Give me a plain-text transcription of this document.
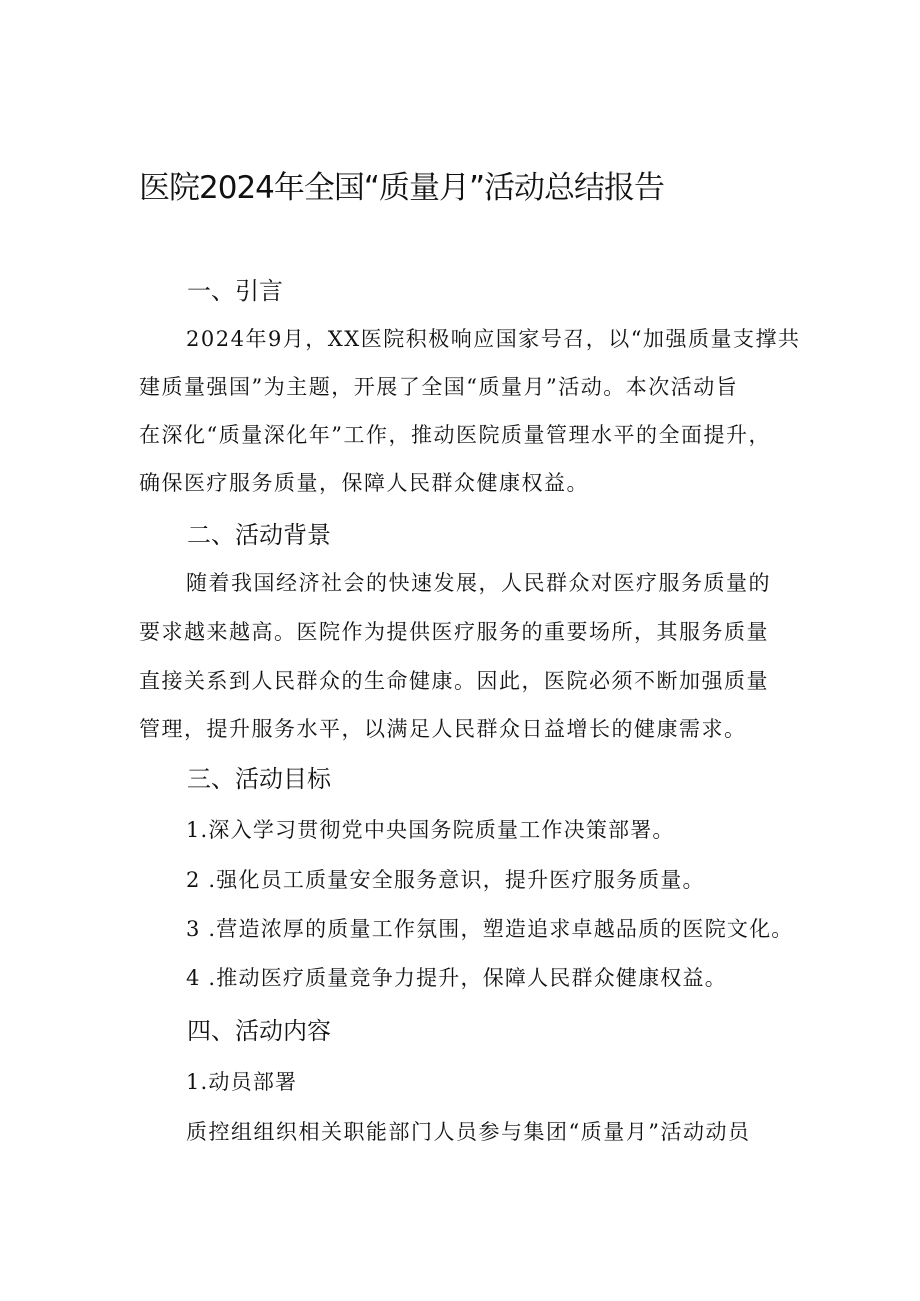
医院2024年全国“质量月”活动总结报告
一、引言

2024年9月，XX医院积极响应国家号召，以“加强质量支撑共

建质量强国”为主题，开展了全国“质量月”活动。本次活动旨

在深化“质量深化年”工作，推动医院质量管理水平的全面提升，

确保医疗服务质量，保障人民群众健康权益。

二、活动背景

随着我国经济社会的快速发展，人民群众对医疗服务质量的

要求越来越高。医院作为提供医疗服务的重要场所，其服务质量

直接关系到人民群众的生命健康。因此，医院必须不断加强质量

管理，提升服务水平，以满足人民群众日益增长的健康需求。

三、活动目标

1.深入学习贯彻党中央国务院质量工作决策部署。

2 .强化员工质量安全服务意识，提升医疗服务质量。

3 .营造浓厚的质量工作氛围，塑造追求卓越品质的医院文化。

4 .推动医疗质量竞争力提升，保障人民群众健康权益。

四、活动内容

1.动员部署

质控组组织相关职能部门人员参与集团“质量月”活动动员
